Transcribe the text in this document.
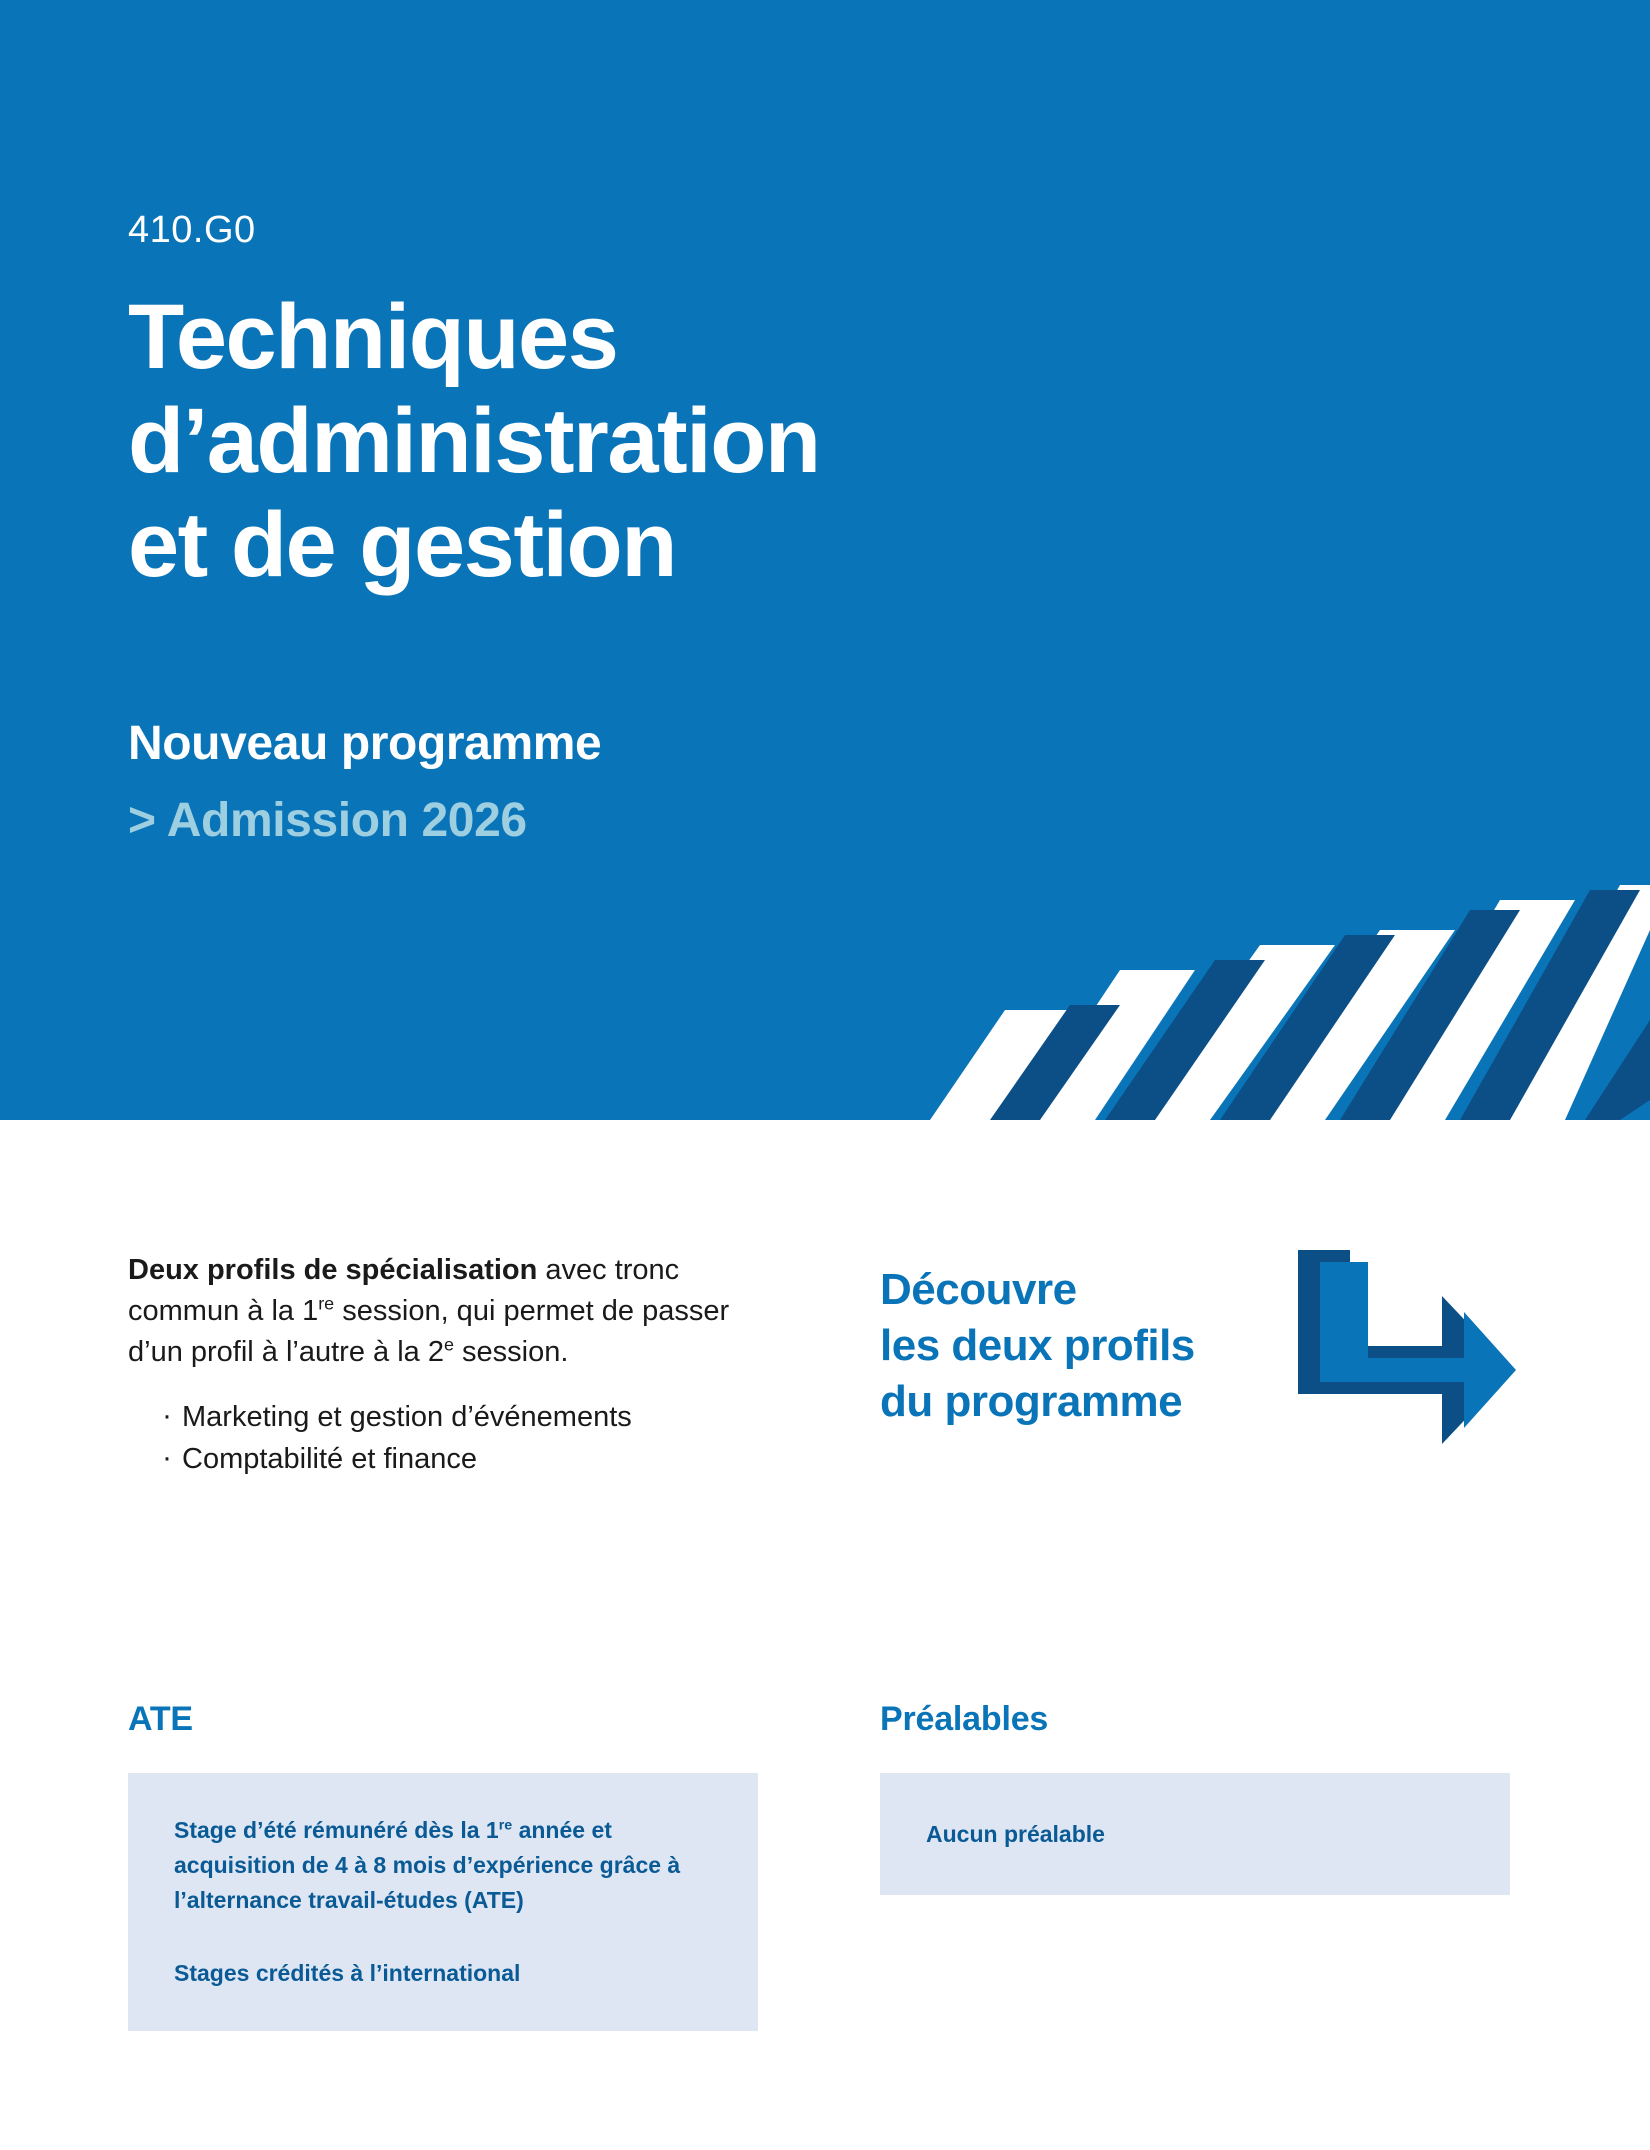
410.G0
Techniques
d’administration
et de gestion
Nouveau programme
> Admission 2026

Deux profils de spécialisation avec tronc commun à la 1re session, qui permet de passer d’un profil à l’autre à la 2e session.

· Marketing et gestion d’événements
· Comptabilité et finance
Découvre
les deux profils
du programme
ATE

Stage d’été rémunéré dès la 1re année et acquisition de 4 à 8 mois d’expérience grâce à l’alternance travail-études (ATE)

Stages crédités à l’international

Préalables

Aucun préalable
